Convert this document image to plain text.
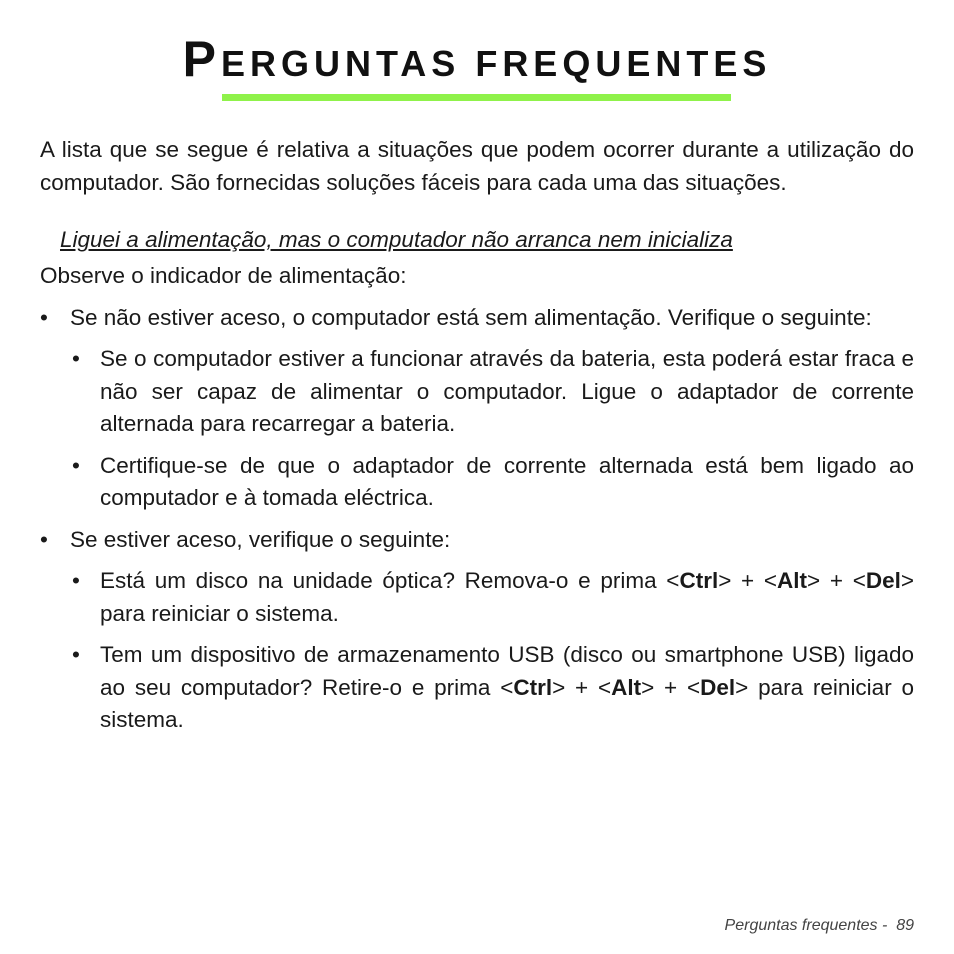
PERGUNTAS FREQUENTES

A lista que se segue é relativa a situações que podem ocorrer durante a utilização do computador. São fornecidas soluções fáceis para cada uma das situações.

Liguei a alimentação, mas o computador não arranca nem inicializa

Observe o indicador de alimentação:

• Se não estiver aceso, o computador está sem alimentação. Verifique o seguinte:
• Se o computador estiver a funcionar através da bateria, esta poderá estar fraca e não ser capaz de alimentar o computador. Ligue o adaptador de corrente alternada para recarregar a bateria.
• Certifique-se de que o adaptador de corrente alternada está bem ligado ao computador e à tomada eléctrica.
• Se estiver aceso, verifique o seguinte:
• Está um disco na unidade óptica? Remova-o e prima <Ctrl> + <Alt> + <Del> para reiniciar o sistema.
• Tem um dispositivo de armazenamento USB (disco ou smartphone USB) ligado ao seu computador? Retire-o e prima <Ctrl> + <Alt> + <Del> para reiniciar o sistema.
Perguntas frequentes - 89
